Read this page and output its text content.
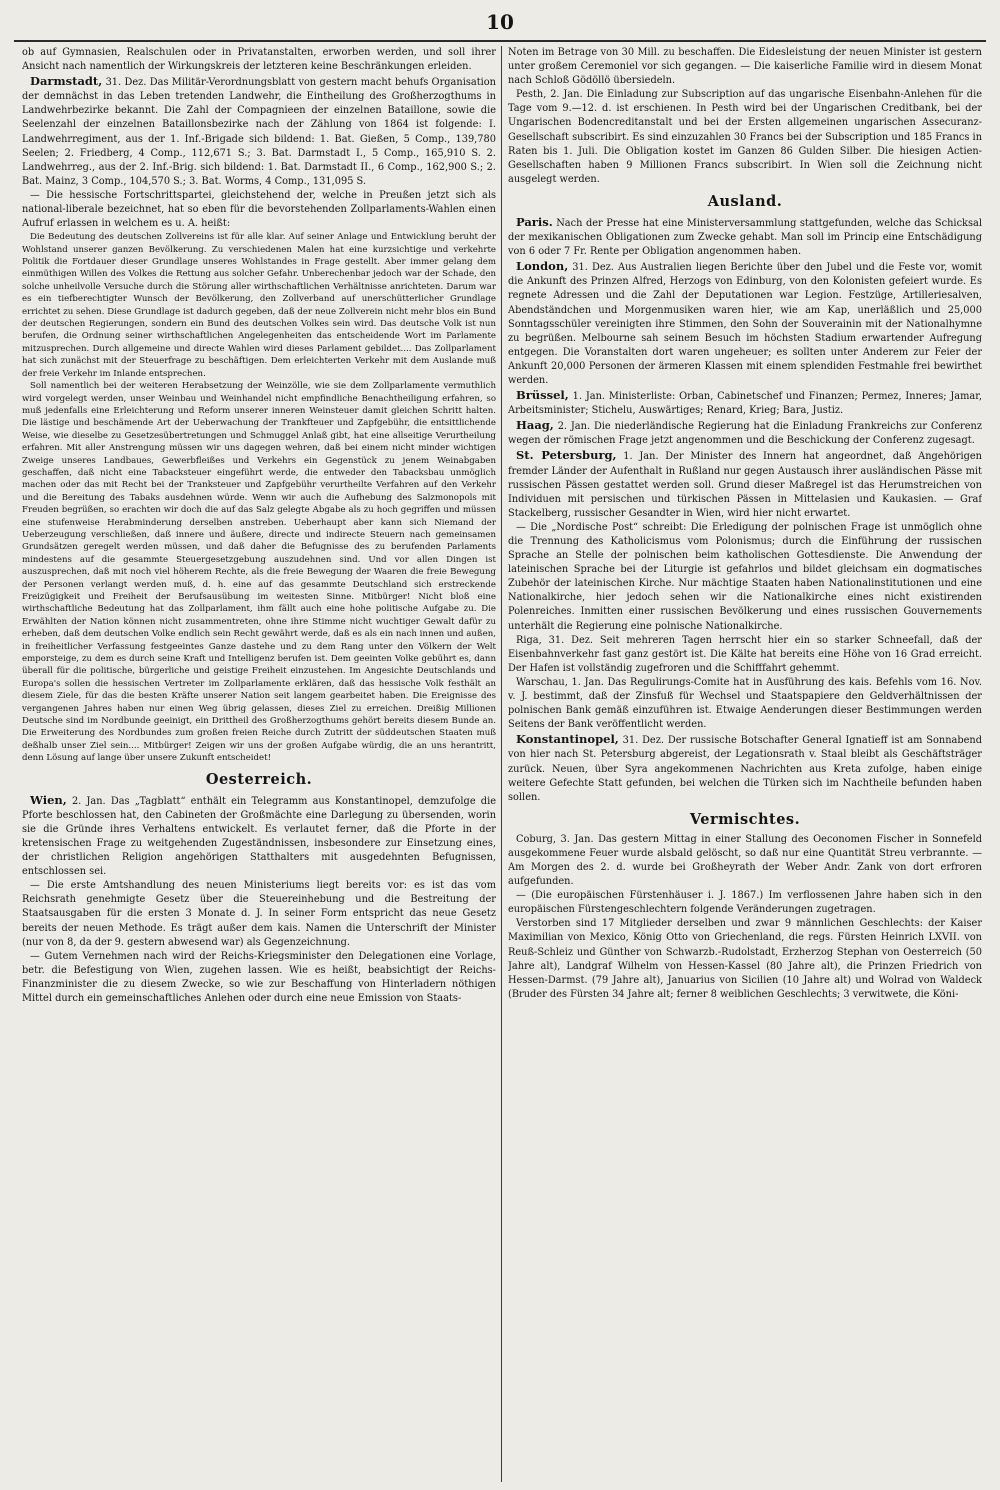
10

ob auf Gymnasien, Realschulen oder in Privatanstalten, erworben werden, und soll ihrer Ansicht nach namentlich der Wirkungskreis der letzteren keine Beschränkungen erleiden.

Darmstadt, 31. Dez. Das Militär-Verordnungsblatt von gestern macht behufs Organisation der demnächst in das Leben tretenden Landwehr, die Eintheilung des Großherzogthums in Landwehrbezirke bekannt. Die Zahl der Compagnieen der einzelnen Bataillone, sowie die Seelenzahl der einzelnen Bataillonsbezirke nach der Zählung von 1864 ist folgende: I. Landwehrregiment, aus der 1. Inf.-Brigade sich bildend: 1. Bat. Gießen, 5 Comp., 139,780 Seelen; 2. Friedberg, 4 Comp., 112,671 S.; 3. Bat. Darmstadt I., 5 Comp., 165,910 S. 2. Landwehrreg., aus der 2. Inf.-Brig. sich bildend: 1. Bat. Darmstadt II., 6 Comp., 162,900 S.; 2. Bat. Mainz, 3 Comp., 104,570 S.; 3. Bat. Worms, 4 Comp., 131,095 S.

— Die hessische Fortschrittspartei, gleichstehend der, welche in Preußen jetzt sich als national-liberale bezeichnet, hat so eben für die bevorstehenden Zollparlaments-Wahlen einen Aufruf erlassen in welchem es u. A. heißt:

Die Bedeutung des deutschen Zollvereins ist für alle klar. Auf seiner Anlage und Entwicklung beruht der Wohlstand unserer ganzen Bevölkerung. Zu verschiedenen Malen hat eine kurzsichtige und verkehrte Politik die Fortdauer dieser Grundlage unseres Wohlstandes in Frage gestellt. Aber immer gelang dem einmüthigen Willen des Volkes die Rettung aus solcher Gefahr. Unberechenbar jedoch war der Schade, den solche unheilvolle Versuche durch die Störung aller wirthschaftlichen Verhältnisse anrichteten. Darum war es ein tiefberechtigter Wunsch der Bevölkerung, den Zollverband auf unerschütterlicher Grundlage errichtet zu sehen. Diese Grundlage ist dadurch gegeben, daß der neue Zollverein nicht mehr blos ein Bund der deutschen Regierungen, sondern ein Bund des deutschen Volkes sein wird. Das deutsche Volk ist nun berufen, die Ordnung seiner wirthschaftlichen Angelegenheiten das entscheidende Wort im Parlamente mitzusprechen. Durch allgemeine und directe Wahlen wird dieses Parlament gebildet.... Das Zollparlament hat sich zunächst mit der Steuerfrage zu beschäftigen. Dem erleichterten Verkehr mit dem Auslande muß der freie Verkehr im Inlande entsprechen.

Soll namentlich bei der weiteren Herabsetzung der Weinzölle, wie sie dem Zollparlamente vermuthlich wird vorgelegt werden, unser Weinbau und Weinhandel nicht empfindliche Benachtheiligung erfahren, so muß jedenfalls eine Erleichterung und Reform unserer inneren Weinsteuer damit gleichen Schritt halten. Die lästige und beschämende Art der Ueberwachung der Trankfteuer und Zapfgebühr, die entsittlichende Weise, wie dieselbe zu Gesetzesübertretungen und Schmuggel Anlaß gibt, hat eine allseitige Verurtheilung erfahren. Mit aller Anstrengung müssen wir uns dagegen wehren, daß bei einem nicht minder wichtigen Zweige unseres Landbaues, Gewerbfleißes und Verkehrs ein Gegenstück zu jenem Weinabgaben geschaffen, daß nicht eine Tabacksteuer eingeführt werde, die entweder den Tabacksbau unmöglich machen oder das mit Recht bei der Tranksteuer und Zapfgebühr verurtheilte Verfahren auf den Verkehr und die Bereitung des Tabaks ausdehnen würde. Wenn wir auch die Aufhebung des Salzmonopols mit Freuden begrüßen, so erachten wir doch die auf das Salz gelegte Abgabe als zu hoch gegriffen und müssen eine stufenweise Herabminderung derselben anstreben. Ueberhaupt aber kann sich Niemand der Ueberzeugung verschließen, daß innere und äußere, directe und indirecte Steuern nach gemeinsamen Grundsätzen geregelt werden müssen, und daß daher die Befugnisse des zu berufenden Parlaments mindestens auf die gesammte Steuergesetzgebung auszudehnen sind. Und vor allen Dingen ist auszusprechen, daß mit noch viel höherem Rechte, als die freie Bewegung der Waaren die freie Bewegung der Personen verlangt werden muß, d. h. eine auf das gesammte Deutschland sich erstreckende Freizügigkeit und Freiheit der Berufsausübung im weitesten Sinne. Mitbürger! Nicht bloß eine wirthschaftliche Bedeutung hat das Zollparlament, ihm fällt auch eine hohe politische Aufgabe zu. Die Erwählten der Nation können nicht zusammentreten, ohne ihre Stimme nicht wuchtiger Gewalt dafür zu erheben, daß dem deutschen Volke endlich sein Recht gewährt werde, daß es als ein nach innen und außen, in freiheitlicher Verfassung festgeeintes Ganze dastehe und zu dem Rang unter den Völkern der Welt emporsteige, zu dem es durch seine Kraft und Intelligenz berufen ist. Dem geeinten Volke gebührt es, dann überall für die politische, bürgerliche und geistige Freiheit einzustehen. Im Angesichte Deutschlands und Europa's sollen die hessischen Vertreter im Zollparlamente erklären, daß das hessische Volk festhält an diesem Ziele, für das die besten Kräfte unserer Nation seit langem gearbeitet haben. Die Ereignisse des vergangenen Jahres haben nur einen Weg übrig gelassen, dieses Ziel zu erreichen. Dreißig Millionen Deutsche sind im Nordbunde geeinigt, ein Drittheil des Großherzogthums gehört bereits diesem Bunde an. Die Erweiterung des Nordbundes zum großen freien Reiche durch Zutritt der süddeutschen Staaten muß deßhalb unser Ziel sein.... Mitbürger! Zeigen wir uns der großen Aufgabe würdig, die an uns herantritt, denn Lösung auf lange über unsere Zukunft entscheidet!

Oesterreich.

Wien, 2. Jan. Das „Tagblatt“ enthält ein Telegramm aus Konstantinopel, demzufolge die Pforte beschlossen hat, den Cabineten der Großmächte eine Darlegung zu übersenden, worin sie die Gründe ihres Verhaltens entwickelt. Es verlautet ferner, daß die Pforte in der kretensischen Frage zu weitgehenden Zugeständnissen, insbesondere zur Einsetzung eines, der christlichen Religion angehörigen Statthalters mit ausgedehnten Befugnissen, entschlossen sei.

— Die erste Amtshandlung des neuen Ministeriums liegt bereits vor: es ist das vom Reichsrath genehmigte Gesetz über die Steuereinhebung und die Bestreitung der Staatsausgaben für die ersten 3 Monate d. J. In seiner Form entspricht das neue Gesetz bereits der neuen Methode. Es trägt außer dem kais. Namen die Unterschrift der Minister (nur von 8, da der 9. gestern abwesend war) als Gegenzeichnung.

— Gutem Vernehmen nach wird der Reichs-Kriegsminister den Delegationen eine Vorlage, betr. die Befestigung von Wien, zugehen lassen. Wie es heißt, beabsichtigt der Reichs-Finanzminister die zu diesem Zwecke, so wie zur Beschaffung von Hinterladern nöthigen Mittel durch ein gemeinschaftliches Anlehen oder durch eine neue Emission von Staats-

Noten im Betrage von 30 Mill. zu beschaffen. Die Eidesleistung der neuen Minister ist gestern unter großem Ceremoniel vor sich gegangen. — Die kaiserliche Familie wird in diesem Monat nach Schloß Gödöllö übersiedeln.

Pesth, 2. Jan. Die Einladung zur Subscription auf das ungarische Eisenbahn-Anlehen für die Tage vom 9.—12. d. ist erschienen. In Pesth wird bei der Ungarischen Creditbank, bei der Ungarischen Bodencreditanstalt und bei der Ersten allgemeinen ungarischen Assecuranz-Gesellschaft subscribirt. Es sind einzuzahlen 30 Francs bei der Subscription und 185 Francs in Raten bis 1. Juli. Die Obligation kostet im Ganzen 86 Gulden Silber. Die hiesigen Actien-Gesellschaften haben 9 Millionen Francs subscribirt. In Wien soll die Zeichnung nicht ausgelegt werden.

Ausland.

Paris. Nach der Presse hat eine Ministerversammlung stattgefunden, welche das Schicksal der mexikanischen Obligationen zum Zwecke gehabt. Man soll im Princip eine Entschädigung von 6 oder 7 Fr. Rente per Obligation angenommen haben.

London, 31. Dez. Aus Australien liegen Berichte über den Jubel und die Feste vor, womit die Ankunft des Prinzen Alfred, Herzogs von Edinburg, von den Kolonisten gefeiert wurde. Es regnete Adressen und die Zahl der Deputationen war Legion. Festzüge, Artilleriesalven, Abendständchen und Morgenmusiken waren hier, wie am Kap, unerläßlich und 25,000 Sonntagsschüler vereinigten ihre Stimmen, den Sohn der Souverainin mit der Nationalhymne zu begrüßen. Melbourne sah seinem Besuch im höchsten Stadium erwartender Aufregung entgegen. Die Voranstalten dort waren ungeheuer; es sollten unter Anderem zur Feier der Ankunft 20,000 Personen der ärmeren Klassen mit einem splendiden Festmahle frei bewirthet werden.

Brüssel, 1. Jan. Ministerliste: Orban, Cabinetschef und Finanzen; Permez, Inneres; Jamar, Arbeitsminister; Stichelu, Auswärtiges; Renard, Krieg; Bara, Justiz.

Haag, 2. Jan. Die niederländische Regierung hat die Einladung Frankreichs zur Conferenz wegen der römischen Frage jetzt angenommen und die Beschickung der Conferenz zugesagt.

St. Petersburg, 1. Jan. Der Minister des Innern hat angeordnet, daß Angehörigen fremder Länder der Aufenthalt in Rußland nur gegen Austausch ihrer ausländischen Pässe mit russischen Pässen gestattet werden soll. Grund dieser Maßregel ist das Herumstreichen von Individuen mit persischen und türkischen Pässen in Mittelasien und Kaukasien. — Graf Stackelberg, russischer Gesandter in Wien, wird hier nicht erwartet.

— Die „Nordische Post“ schreibt: Die Erledigung der polnischen Frage ist unmöglich ohne die Trennung des Katholicismus vom Polonismus; durch die Einführung der russischen Sprache an Stelle der polnischen beim katholischen Gottesdienste. Die Anwendung der lateinischen Sprache bei der Liturgie ist gefahrlos und bildet gleichsam ein dogmatisches Zubehör der lateinischen Kirche. Nur mächtige Staaten haben Nationalinstitutionen und eine Nationalkirche, hier jedoch sehen wir die Nationalkirche eines nicht existirenden Polenreiches. Inmitten einer russischen Bevölkerung und eines russischen Gouvernements unterhält die Regierung eine polnische Nationalkirche.

Riga, 31. Dez. Seit mehreren Tagen herrscht hier ein so starker Schneefall, daß der Eisenbahnverkehr fast ganz gestört ist. Die Kälte hat bereits eine Höhe von 16 Grad erreicht. Der Hafen ist vollständig zugefroren und die Schifffahrt gehemmt.

Warschau, 1. Jan. Das Regulirungs-Comite hat in Ausführung des kais. Befehls vom 16. Nov. v. J. bestimmt, daß der Zinsfuß für Wechsel und Staatspapiere den Geldverhältnissen der polnischen Bank gemäß einzuführen ist. Etwaige Aenderungen dieser Bestimmungen werden Seitens der Bank veröffentlicht werden.

Konstantinopel, 31. Dez. Der russische Botschafter General Ignatieff ist am Sonnabend von hier nach St. Petersburg abgereist, der Legationsrath v. Staal bleibt als Geschäftsträger zurück. Neuen, über Syra angekommenen Nachrichten aus Kreta zufolge, haben einige weitere Gefechte Statt gefunden, bei welchen die Türken sich im Nachtheile befunden haben sollen.

Vermischtes.

Coburg, 3. Jan. Das gestern Mittag in einer Stallung des Oeconomen Fischer in Sonnefeld ausgekommene Feuer wurde alsbald gelöscht, so daß nur eine Quantität Streu verbrannte. — Am Morgen des 2. d. wurde bei Großheyrath der Weber Andr. Zank von dort erfroren aufgefunden.

— (Die europäischen Fürstenhäuser i. J. 1867.) Im verflossenen Jahre haben sich in den europäischen Fürstengeschlechtern folgende Veränderungen zugetragen.

Verstorben sind 17 Mitglieder derselben und zwar 9 männlichen Geschlechts: der Kaiser Maximilian von Mexico, König Otto von Griechenland, die regs. Fürsten Heinrich LXVII. von Reuß-Schleiz und Günther von Schwarzb.-Rudolstadt, Erzherzog Stephan von Oesterreich (50 Jahre alt), Landgraf Wilhelm von Hessen-Kassel (80 Jahre alt), die Prinzen Friedrich von Hessen-Darmst. (79 Jahre alt), Januarius von Sicilien (10 Jahre alt) und Wolrad von Waldeck (Bruder des Fürsten 34 Jahre alt; ferner 8 weiblichen Geschlechts; 3 verwitwete, die Köni-
